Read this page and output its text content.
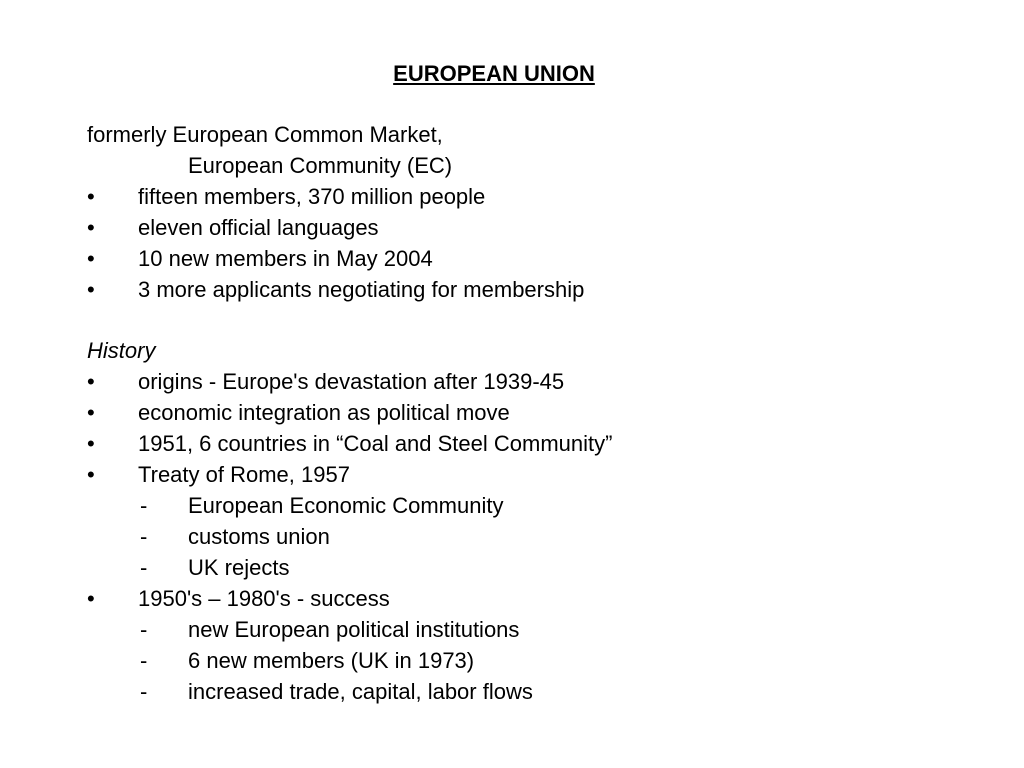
EUROPEAN UNION
formerly European Common Market,
European Community (EC)
• fifteen members, 370 million people
• eleven official languages
• 10 new members in May 2004
• 3 more applicants negotiating for membership
History
• origins - Europe's devastation after 1939-45
• economic integration as political move
• 1951, 6 countries in “Coal and Steel Community”
• Treaty of Rome, 1957
- European Economic Community
- customs union
- UK rejects
• 1950's – 1980's - success
- new European political institutions
- 6 new members (UK in 1973)
- increased trade, capital, labor flows
